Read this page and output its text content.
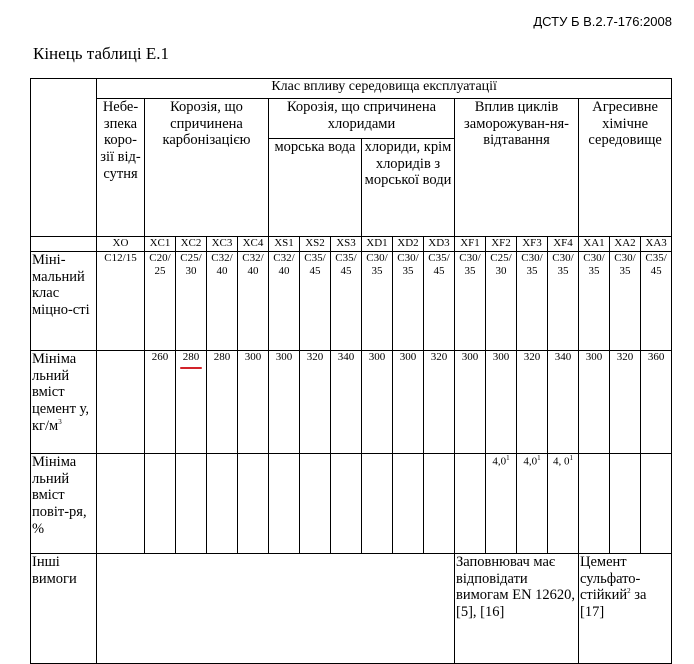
ДСТУ Б В.2.7-176:2008
Кінець таблиці Е.1
	Клас впливу середовища експлуатації																	
	Небе-зпека коро-зії від-сутня	Корозія, що спричинена карбонізацією				Корозія, що спричинена хлоридами						Вплив циклів заморожуван-ня-відтавання				Агресивне хімічне середовище		
						морська вода			хлориди, крім хлоридів з морської води									
	XO	XC1	XC2	XC3	XC4	XS1	XS2	XS3	XD1	XD2	XD3	XF1	XF2	XF3	XF4	XA1	XA2	XA3
Міні-мальний клас міцно-сті	C12/15	C20/ 25	C25/ 30	C32/ 40	C32/ 40	C32/ 40	C35/ 45	C35/ 45	C30/ 35	C30/ 35	C35/ 45	C30/ 35	C25/ 30	C30/ 35	C30/ 35	C30/ 35	C30/ 35	C35/ 45
Мініма льний вміст цемент у, $кг/м^3$		260	280	280	300	300	320	340	300	300	320	300	300	320	340	300	320	360
Мініма льний вміст повіт-ря, %													$4,0^1$	$4,0^1$	4, $0^1$			
Інші вимоги												Заповнювач має відповідати вимогам EN 12620, [5], [16]				Цемент сульфато-стійкий$^2$ за [17]		
